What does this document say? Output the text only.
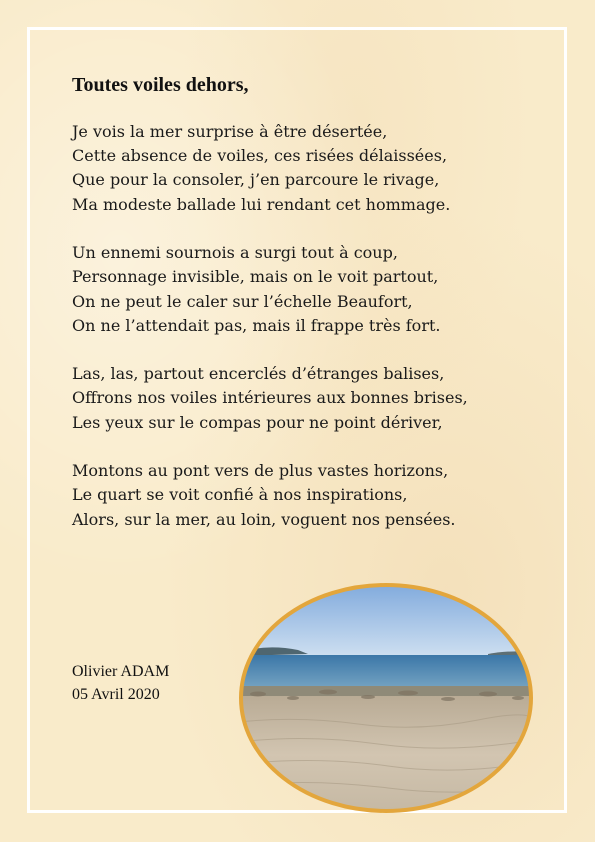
Toutes voiles dehors,

Je vois la mer surprise à être désertée,
Cette absence de voiles, ces risées délaissées,
Que pour la consoler, j’en parcoure le rivage,
Ma modeste ballade lui rendant cet hommage.

Un ennemi sournois a surgi tout à coup,
Personnage invisible, mais on le voit partout,
On ne peut le caler sur l’échelle Beaufort,
On ne l’attendait pas, mais il frappe très fort.

Las, las, partout encerclés d’étranges balises,
Offrons nos voiles intérieures aux bonnes brises,
Les yeux sur le compas pour ne point dériver,

Montons au pont vers de plus vastes horizons,
Le quart se voit confié à nos inspirations,
Alors, sur la mer, au loin, voguent nos pensées.

Olivier ADAM
05 Avril 2020
